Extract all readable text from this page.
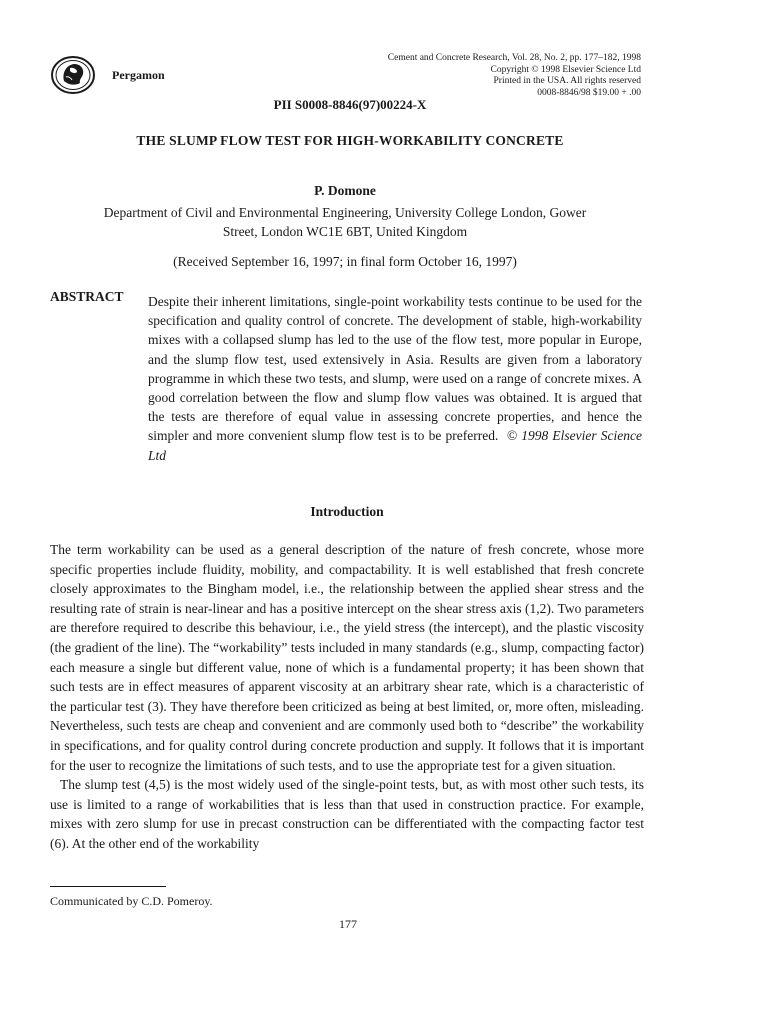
Pergamon
Cement and Concrete Research, Vol. 28, No. 2, pp. 177–182, 1998
Copyright © 1998 Elsevier Science Ltd
Printed in the USA. All rights reserved
0008-8846/98 $19.00 + .00
PII S0008-8846(97)00224-X
THE SLUMP FLOW TEST FOR HIGH-WORKABILITY CONCRETE
P. Domone
Department of Civil and Environmental Engineering, University College London, Gower
Street, London WC1E 6BT, United Kingdom
(Received September 16, 1997; in final form October 16, 1997)
ABSTRACT Despite their inherent limitations, single-point workability tests continue to be used for the specification and quality control of concrete. The development of stable, high-workability mixes with a collapsed slump has led to the use of the flow test, more popular in Europe, and the slump flow test, used extensively in Asia. Results are given from a laboratory programme in which these two tests, and slump, were used on a range of concrete mixes. A good correlation between the flow and slump flow values was obtained. It is argued that the tests are therefore of equal value in assessing concrete properties, and hence the simpler and more convenient slump flow test is to be preferred. © 1998 Elsevier Science Ltd
Introduction

The term workability can be used as a general description of the nature of fresh concrete, whose more specific properties include fluidity, mobility, and compactability. It is well established that fresh concrete closely approximates to the Bingham model, i.e., the relationship between the applied shear stress and the resulting rate of strain is near-linear and has a positive intercept on the shear stress axis (1,2). Two parameters are therefore required to describe this behaviour, i.e., the yield stress (the intercept), and the plastic viscosity (the gradient of the line). The “workability” tests included in many standards (e.g., slump, compacting factor) each measure a single but different value, none of which is a fundamental property; it has been shown that such tests are in effect measures of apparent viscosity at an arbitrary shear rate, which is a characteristic of the particular test (3). They have therefore been criticized as being at best limited, or, more often, misleading. Nevertheless, such tests are cheap and convenient and are commonly used both to “describe” the workability in specifications, and for quality control during concrete production and supply. It follows that it is important for the user to recognize the limitations of such tests, and to use the appropriate test for a given situation.

The slump test (4,5) is the most widely used of the single-point tests, but, as with most other such tests, its use is limited to a range of workabilities that is less than that used in construction practice. For example, mixes with zero slump for use in precast construction can be differentiated with the compacting factor test (6). At the other end of the workability

Communicated by C.D. Pomeroy.
177
